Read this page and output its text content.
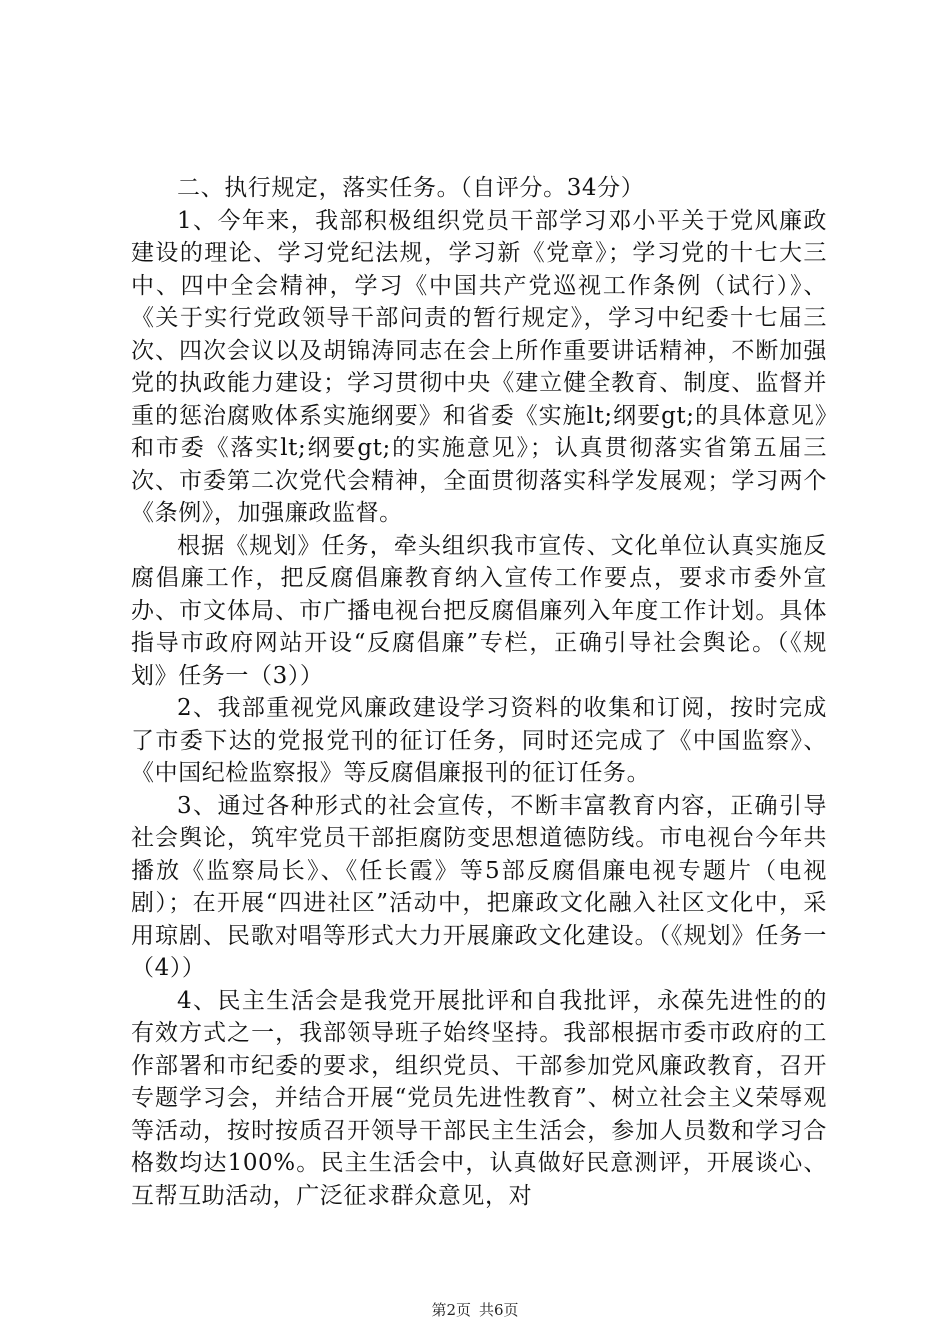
二、执行规定，落实任务。（自评分。34分）

1、今年来，我部积极组织党员干部学习邓小平关于党风廉政建设的理论、学习党纪法规，学习新《党章》；学习党的十七大三中、四中全会精神，学习《中国共产党巡视工作条例（试行）》、《关于实行党政领导干部问责的暂行规定》，学习中纪委十七届三次、四次会议以及胡锦涛同志在会上所作重要讲话精神，不断加强党的执政能力建设；学习贯彻中央《建立健全教育、制度、监督并重的惩治腐败体系实施纲要》和省委《实施lt;纲要gt;的具体意见》和市委《落实lt;纲要gt;的实施意见》；认真贯彻落实省第五届三次、市委第二次党代会精神，全面贯彻落实科学发展观；学习两个《条例》，加强廉政监督。

根据《规划》任务，牵头组织我市宣传、文化单位认真实施反腐倡廉工作，把反腐倡廉教育纳入宣传工作要点，要求市委外宣办、市文体局、市广播电视台把反腐倡廉列入年度工作计划。具体指导市政府网站开设“反腐倡廉”专栏，正确引导社会舆论。（《规划》任务一（3））

2、我部重视党风廉政建设学习资料的收集和订阅，按时完成了市委下达的党报党刊的征订任务，同时还完成了《中国监察》、《中国纪检监察报》等反腐倡廉报刊的征订任务。

3、通过各种形式的社会宣传，不断丰富教育内容，正确引导社会舆论，筑牢党员干部拒腐防变思想道德防线。市电视台今年共播放《监察局长》、《任长霞》等5部反腐倡廉电视专题片（电视剧）；在开展“四进社区”活动中，把廉政文化融入社区文化中，采用琼剧、民歌对唱等形式大力开展廉政文化建设。（《规划》任务一（4））

4、民主生活会是我党开展批评和自我批评，永葆先进性的的有效方式之一，我部领导班子始终坚持。我部根据市委市政府的工作部署和市纪委的要求，组织党员、干部参加党风廉政教育，召开专题学习会，并结合开展“党员先进性教育”、树立社会主义荣辱观等活动，按时按质召开领导干部民主生活会，参加人员数和学习合格数均达100%。民主生活会中，认真做好民意测评，开展谈心、互帮互助活动，广泛征求群众意见，对

第2页 共6页
